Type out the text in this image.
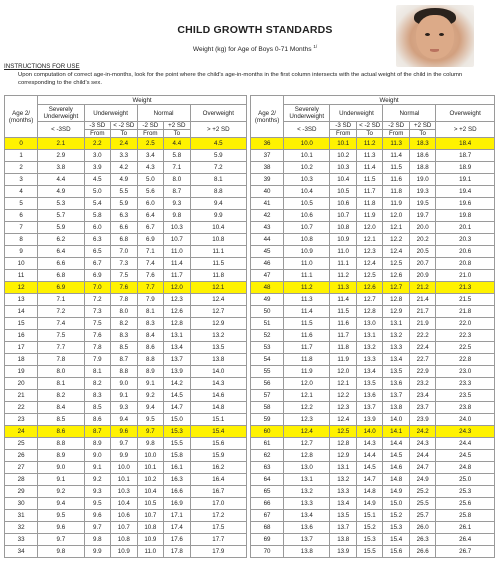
CHILD GROWTH STANDARDS
Weight (kg) for Age of Boys 0-71 Months $^{1/}$
INSTRUCTIONS FOR USE
Upon computation of correct age-in-months, look for the point where the child's age-in-months in the first column intersects with the actual weight of the child in the column corresponding to the child's sex.
Age 2/ (months)	Weight					
	Severely Underweight	Underweight		Normal		Overweight
	< -3SD	-3 SD	< -2 SD	-2 SD	+2 SD	> +2 SD
		From	To	From	To	
0	2.1	2.2	2.4	2.5	4.4	4.5
1	2.9	3.0	3.3	3.4	5.8	5.9
2	3.8	3.9	4.2	4.3	7.1	7.2
3	4.4	4.5	4.9	5.0	8.0	8.1
4	4.9	5.0	5.5	5.6	8.7	8.8
5	5.3	5.4	5.9	6.0	9.3	9.4
6	5.7	5.8	6.3	6.4	9.8	9.9
7	5.9	6.0	6.6	6.7	10.3	10.4
8	6.2	6.3	6.8	6.9	10.7	10.8
9	6.4	6.5	7.0	7.1	11.0	11.1
10	6.6	6.7	7.3	7.4	11.4	11.5
11	6.8	6.9	7.5	7.6	11.7	11.8
12	6.9	7.0	7.6	7.7	12.0	12.1
13	7.1	7.2	7.8	7.9	12.3	12.4
14	7.2	7.3	8.0	8.1	12.6	12.7
15	7.4	7.5	8.2	8.3	12.8	12.9
16	7.5	7.6	8.3	8.4	13.1	13.2
17	7.7	7.8	8.5	8.6	13.4	13.5
18	7.8	7.9	8.7	8.8	13.7	13.8
19	8.0	8.1	8.8	8.9	13.9	14.0
20	8.1	8.2	9.0	9.1	14.2	14.3
21	8.2	8.3	9.1	9.2	14.5	14.6
22	8.4	8.5	9.3	9.4	14.7	14.8
23	8.5	8.6	9.4	9.5	15.0	15.1
24	8.6	8.7	9.6	9.7	15.3	15.4
25	8.8	8.9	9.7	9.8	15.5	15.6
26	8.9	9.0	9.9	10.0	15.8	15.9
27	9.0	9.1	10.0	10.1	16.1	16.2
28	9.1	9.2	10.1	10.2	16.3	16.4
29	9.2	9.3	10.3	10.4	16.6	16.7
30	9.4	9.5	10.4	10.5	16.9	17.0
31	9.5	9.6	10.6	10.7	17.1	17.2
32	9.6	9.7	10.7	10.8	17.4	17.5
33	9.7	9.8	10.8	10.9	17.6	17.7
34	9.8	9.9	10.9	11.0	17.8	17.9
Age 2/ (months)	Weight					
	Severely Underweight	Underweight		Normal		Overweight
	< -3SD	-3 SD	< -2 SD	-2 SD	+2 SD	> +2 SD
		From	To	From	To	
36	10.0	10.1	11.2	11.3	18.3	18.4
37	10.1	10.2	11.3	11.4	18.6	18.7
38	10.2	10.3	11.4	11.5	18.8	18.9
39	10.3	10.4	11.5	11.6	19.0	19.1
40	10.4	10.5	11.7	11.8	19.3	19.4
41	10.5	10.6	11.8	11.9	19.5	19.6
42	10.6	10.7	11.9	12.0	19.7	19.8
43	10.7	10.8	12.0	12.1	20.0	20.1
44	10.8	10.9	12.1	12.2	20.2	20.3
45	10.9	11.0	12.3	12.4	20.5	20.6
46	11.0	11.1	12.4	12.5	20.7	20.8
47	11.1	11.2	12.5	12.6	20.9	21.0
48	11.2	11.3	12.6	12.7	21.2	21.3
49	11.3	11.4	12.7	12.8	21.4	21.5
50	11.4	11.5	12.8	12.9	21.7	21.8
51	11.5	11.6	13.0	13.1	21.9	22.0
52	11.6	11.7	13.1	13.2	22.2	22.3
53	11.7	11.8	13.2	13.3	22.4	22.5
54	11.8	11.9	13.3	13.4	22.7	22.8
55	11.9	12.0	13.4	13.5	22.9	23.0
56	12.0	12.1	13.5	13.6	23.2	23.3
57	12.1	12.2	13.6	13.7	23.4	23.5
58	12.2	12.3	13.7	13.8	23.7	23.8
59	12.3	12.4	13.9	14.0	23.9	24.0
60	12.4	12.5	14.0	14.1	24.2	24.3
61	12.7	12.8	14.3	14.4	24.3	24.4
62	12.8	12.9	14.4	14.5	24.4	24.5
63	13.0	13.1	14.5	14.6	24.7	24.8
64	13.1	13.2	14.7	14.8	24.9	25.0
65	13.2	13.3	14.8	14.9	25.2	25.3
66	13.3	13.4	14.9	15.0	25.5	25.6
67	13.4	13.5	15.1	15.2	25.7	25.8
68	13.6	13.7	15.2	15.3	26.0	26.1
69	13.7	13.8	15.3	15.4	26.3	26.4
70	13.8	13.9	15.5	15.6	26.6	26.7
